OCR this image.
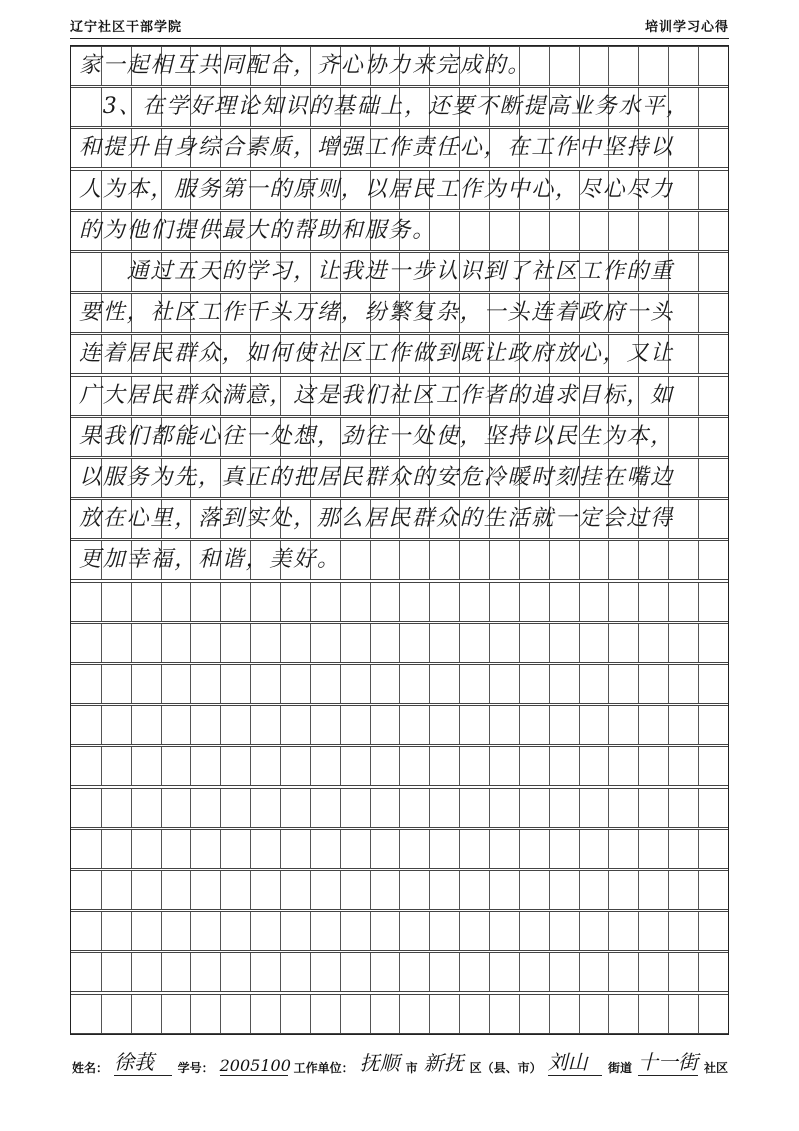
辽宁社区干部学院	培训学习心得
家一起相互共同配合，齐心协力来完成的。
　3、在学好理论知识的基础上，还要不断提高业务水平，
和提升自身综合素质，增强工作责任心，在工作中坚持以
人为本，服务第一的原则，以居民工作为中心，尽心尽力
的为他们提供最大的帮助和服务。
　　通过五天的学习，让我进一步认识到了社区工作的重
要性，社区工作千头万绪，纷繁复杂，一头连着政府一头
连着居民群众，如何使社区工作做到既让政府放心，又让
广大居民群众满意，这是我们社区工作者的追求目标，如
果我们都能心往一处想，劲往一处使，坚持以民生为本，
以服务为先，真正的把居民群众的安危冷暖时刻挂在嘴边
放在心里，落到实处，那么居民群众的生活就一定会过得
更加幸福，和谐，美好。
姓名： 徐莪	学号： 2005100 工作单位： 抚顺 市 新抚 区（县、市） 刘山	街道 十一街 社区
